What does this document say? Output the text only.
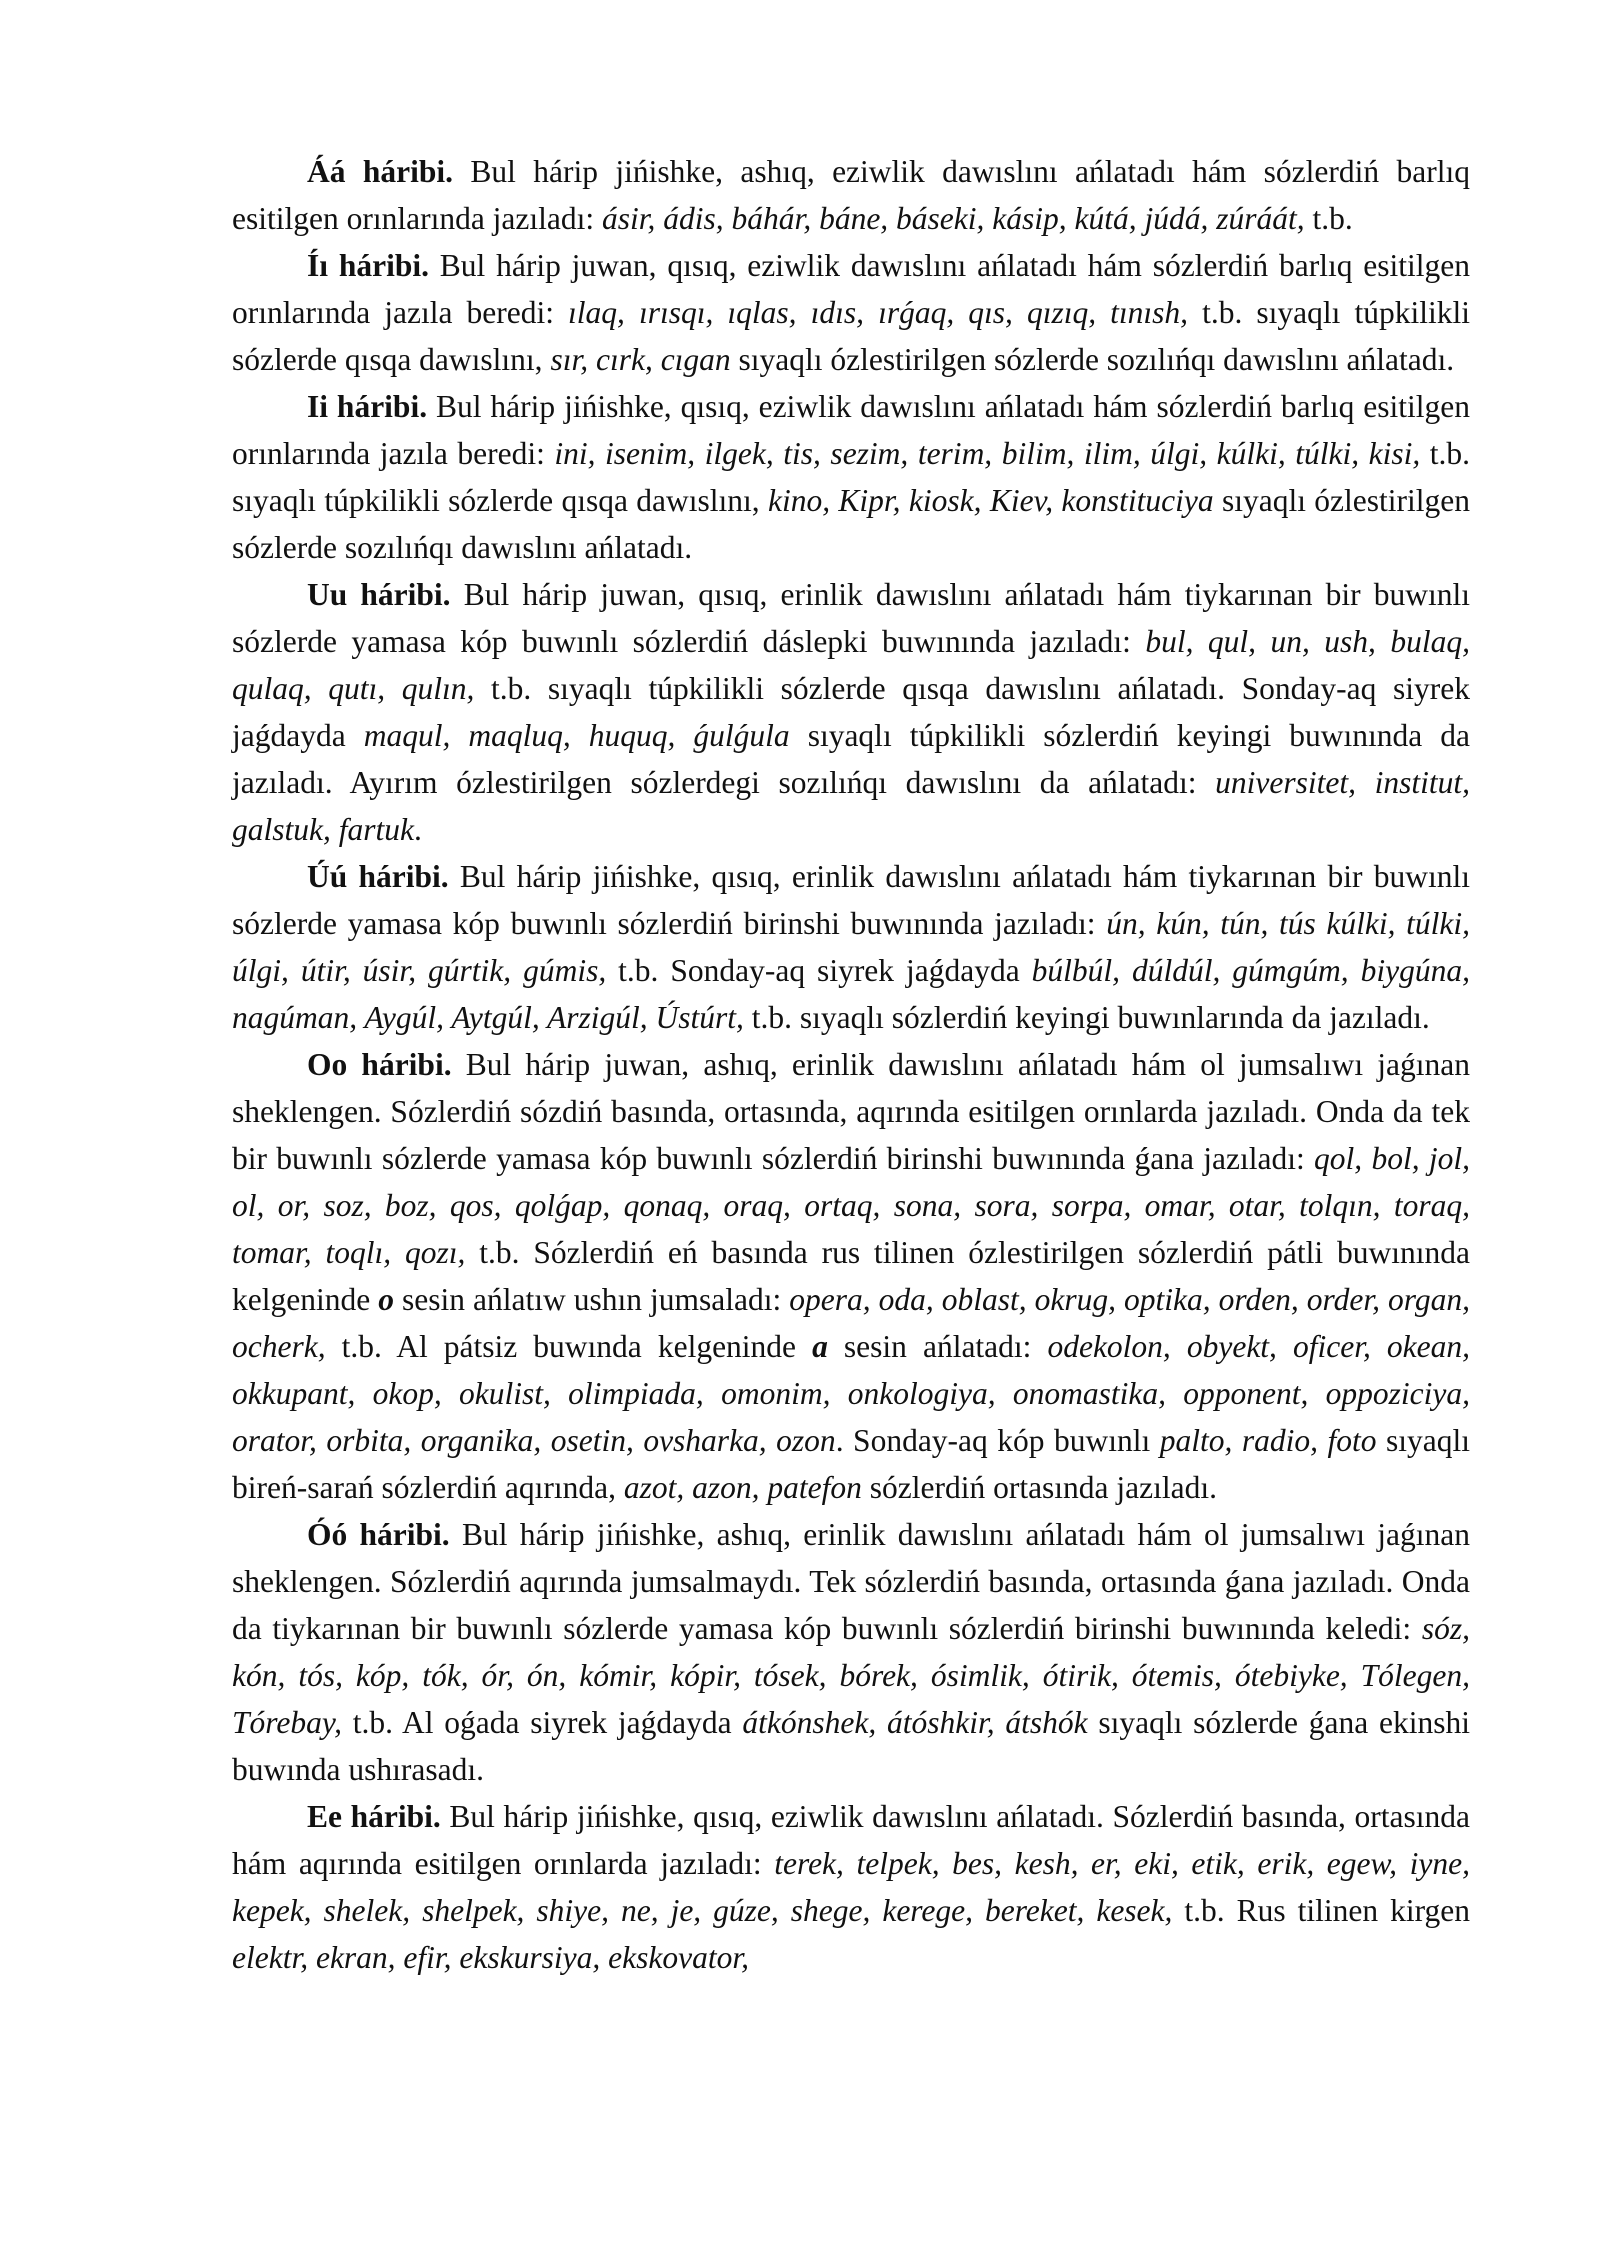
Áá háribi. Bul hárip jińishke, ashıq, eziwlik dawıslını ańlatadı hám sózlerdiń barlıq esitilgen orınlarında jazıladı: ásir, ádis, báhár, báne, báseki, kásip, kútá, júdá, zúráát, t.b.

Íı háribi. Bul hárip juwan, qısıq, eziwlik dawıslını ańlatadı hám sózlerdiń barlıq esitilgen orınlarında jazıla beredi: ılaq, ırısqı, ıqlas, ıdıs, ırǵaq, qıs, qızıq, tınısh, t.b. sıyaqlı túpkilikli sózlerde qısqa dawıslını, sır, cırk, cıgan sıyaqlı ózlestirilgen sózlerde sozılıńqı dawıslını ańlatadı.

Ii háribi. Bul hárip jińishke, qısıq, eziwlik dawıslını ańlatadı hám sózlerdiń barlıq esitilgen orınlarında jazıla beredi: ini, isenim, ilgek, tis, sezim, terim, bilim, ilim, úlgi, kúlki, túlki, kisi, t.b. sıyaqlı túpkilikli sózlerde qısqa dawıslını, kino, Kipr, kiosk, Kiev, konstituciya sıyaqlı ózlestirilgen sózlerde sozılıńqı dawıslını ańlatadı.

Uu háribi. Bul hárip juwan, qısıq, erinlik dawıslını ańlatadı hám tiykarınan bir buwınlı sózlerde yamasa kóp buwınlı sózlerdiń dáslepki buwınında jazıladı: bul, qul, un, ush, bulaq, qulaq, qutı, qulın, t.b. sıyaqlı túpkilikli sózlerde qısqa dawıslını ańlatadı. Sonday-aq siyrek jaǵdayda maqul, maqluq, huquq, ǵulǵula sıyaqlı túpkilikli sózlerdiń keyingi buwınında da jazıladı. Ayırım ózlestirilgen sózlerdegi sozılıńqı dawıslını da ańlatadı: universitet, institut, galstuk, fartuk.

Úú háribi. Bul hárip jińishke, qısıq, erinlik dawıslını ańlatadı hám tiykarınan bir buwınlı sózlerde yamasa kóp buwınlı sózlerdiń birinshi buwınında jazıladı: ún, kún, tún, tús kúlki, túlki, úlgi, útir, úsir, gúrtik, gúmis, t.b. Sonday-aq siyrek jaǵdayda búlbúl, dúldúl, gúmgúm, biygúna, nagúman, Aygúl, Aytgúl, Arzigúl, Ústúrt, t.b. sıyaqlı sózlerdiń keyingi buwınlarında da jazıladı.

Oo háribi. Bul hárip juwan, ashıq, erinlik dawıslını ańlatadı hám ol jumsalıwı jaǵınan sheklengen. Sózlerdiń sózdiń basında, ortasında, aqırında esitilgen orınlarda jazıladı. Onda da tek bir buwınlı sózlerde yamasa kóp buwınlı sózlerdiń birinshi buwınında ǵana jazıladı: qol, bol, jol, ol, or, soz, boz, qos, qolǵap, qonaq, oraq, ortaq, sona, sora, sorpa, omar, otar, tolqın, toraq, tomar, toqlı, qozı, t.b. Sózlerdiń eń basında rus tilinen ózlestirilgen sózlerdiń pátli buwınında kelgeninde o sesin ańlatıw ushın jumsaladı: opera, oda, oblast, okrug, optika, orden, order, organ, ocherk, t.b. Al pátsiz buwında kelgeninde a sesin ańlatadı: odekolon, obyekt, oficer, okean, okkupant, okop, okulist, olimpiada, omonim, onkologiya, onomastika, opponent, oppoziciya, orator, orbita, organika, osetin, ovsharka, ozon. Sonday-aq kóp buwınlı palto, radio, foto sıyaqlı bireń-sarań sózlerdiń aqırında, azot, azon, patefon sózlerdiń ortasında jazıladı.

Óó háribi. Bul hárip jińishke, ashıq, erinlik dawıslını ańlatadı hám ol jumsalıwı jaǵınan sheklengen. Sózlerdiń aqırında jumsalmaydı. Tek sózlerdiń basında, ortasında ǵana jazıladı. Onda da tiykarınan bir buwınlı sózlerde yamasa kóp buwınlı sózlerdiń birinshi buwınında keledi: sóz, kón, tós, kóp, tók, ór, ón, kómir, kópir, tósek, bórek, ósimlik, ótirik, ótemis, ótebiyke, Tólegen, Tórebay, t.b. Al oǵada siyrek jaǵdayda átkónshek, átóshkir, átshók sıyaqlı sózlerde ǵana ekinshi buwında ushırasadı.

Ee háribi. Bul hárip jińishke, qısıq, eziwlik dawıslını ańlatadı. Sózlerdiń basında, ortasında hám aqırında esitilgen orınlarda jazıladı: terek, telpek, bes, kesh, er, eki, etik, erik, egew, iyne, kepek, shelek, shelpek, shiye, ne, je, gúze, shege, kerege, bereket, kesek, t.b. Rus tilinen kirgen elektr, ekran, efir, ekskursiya, ekskovator,
